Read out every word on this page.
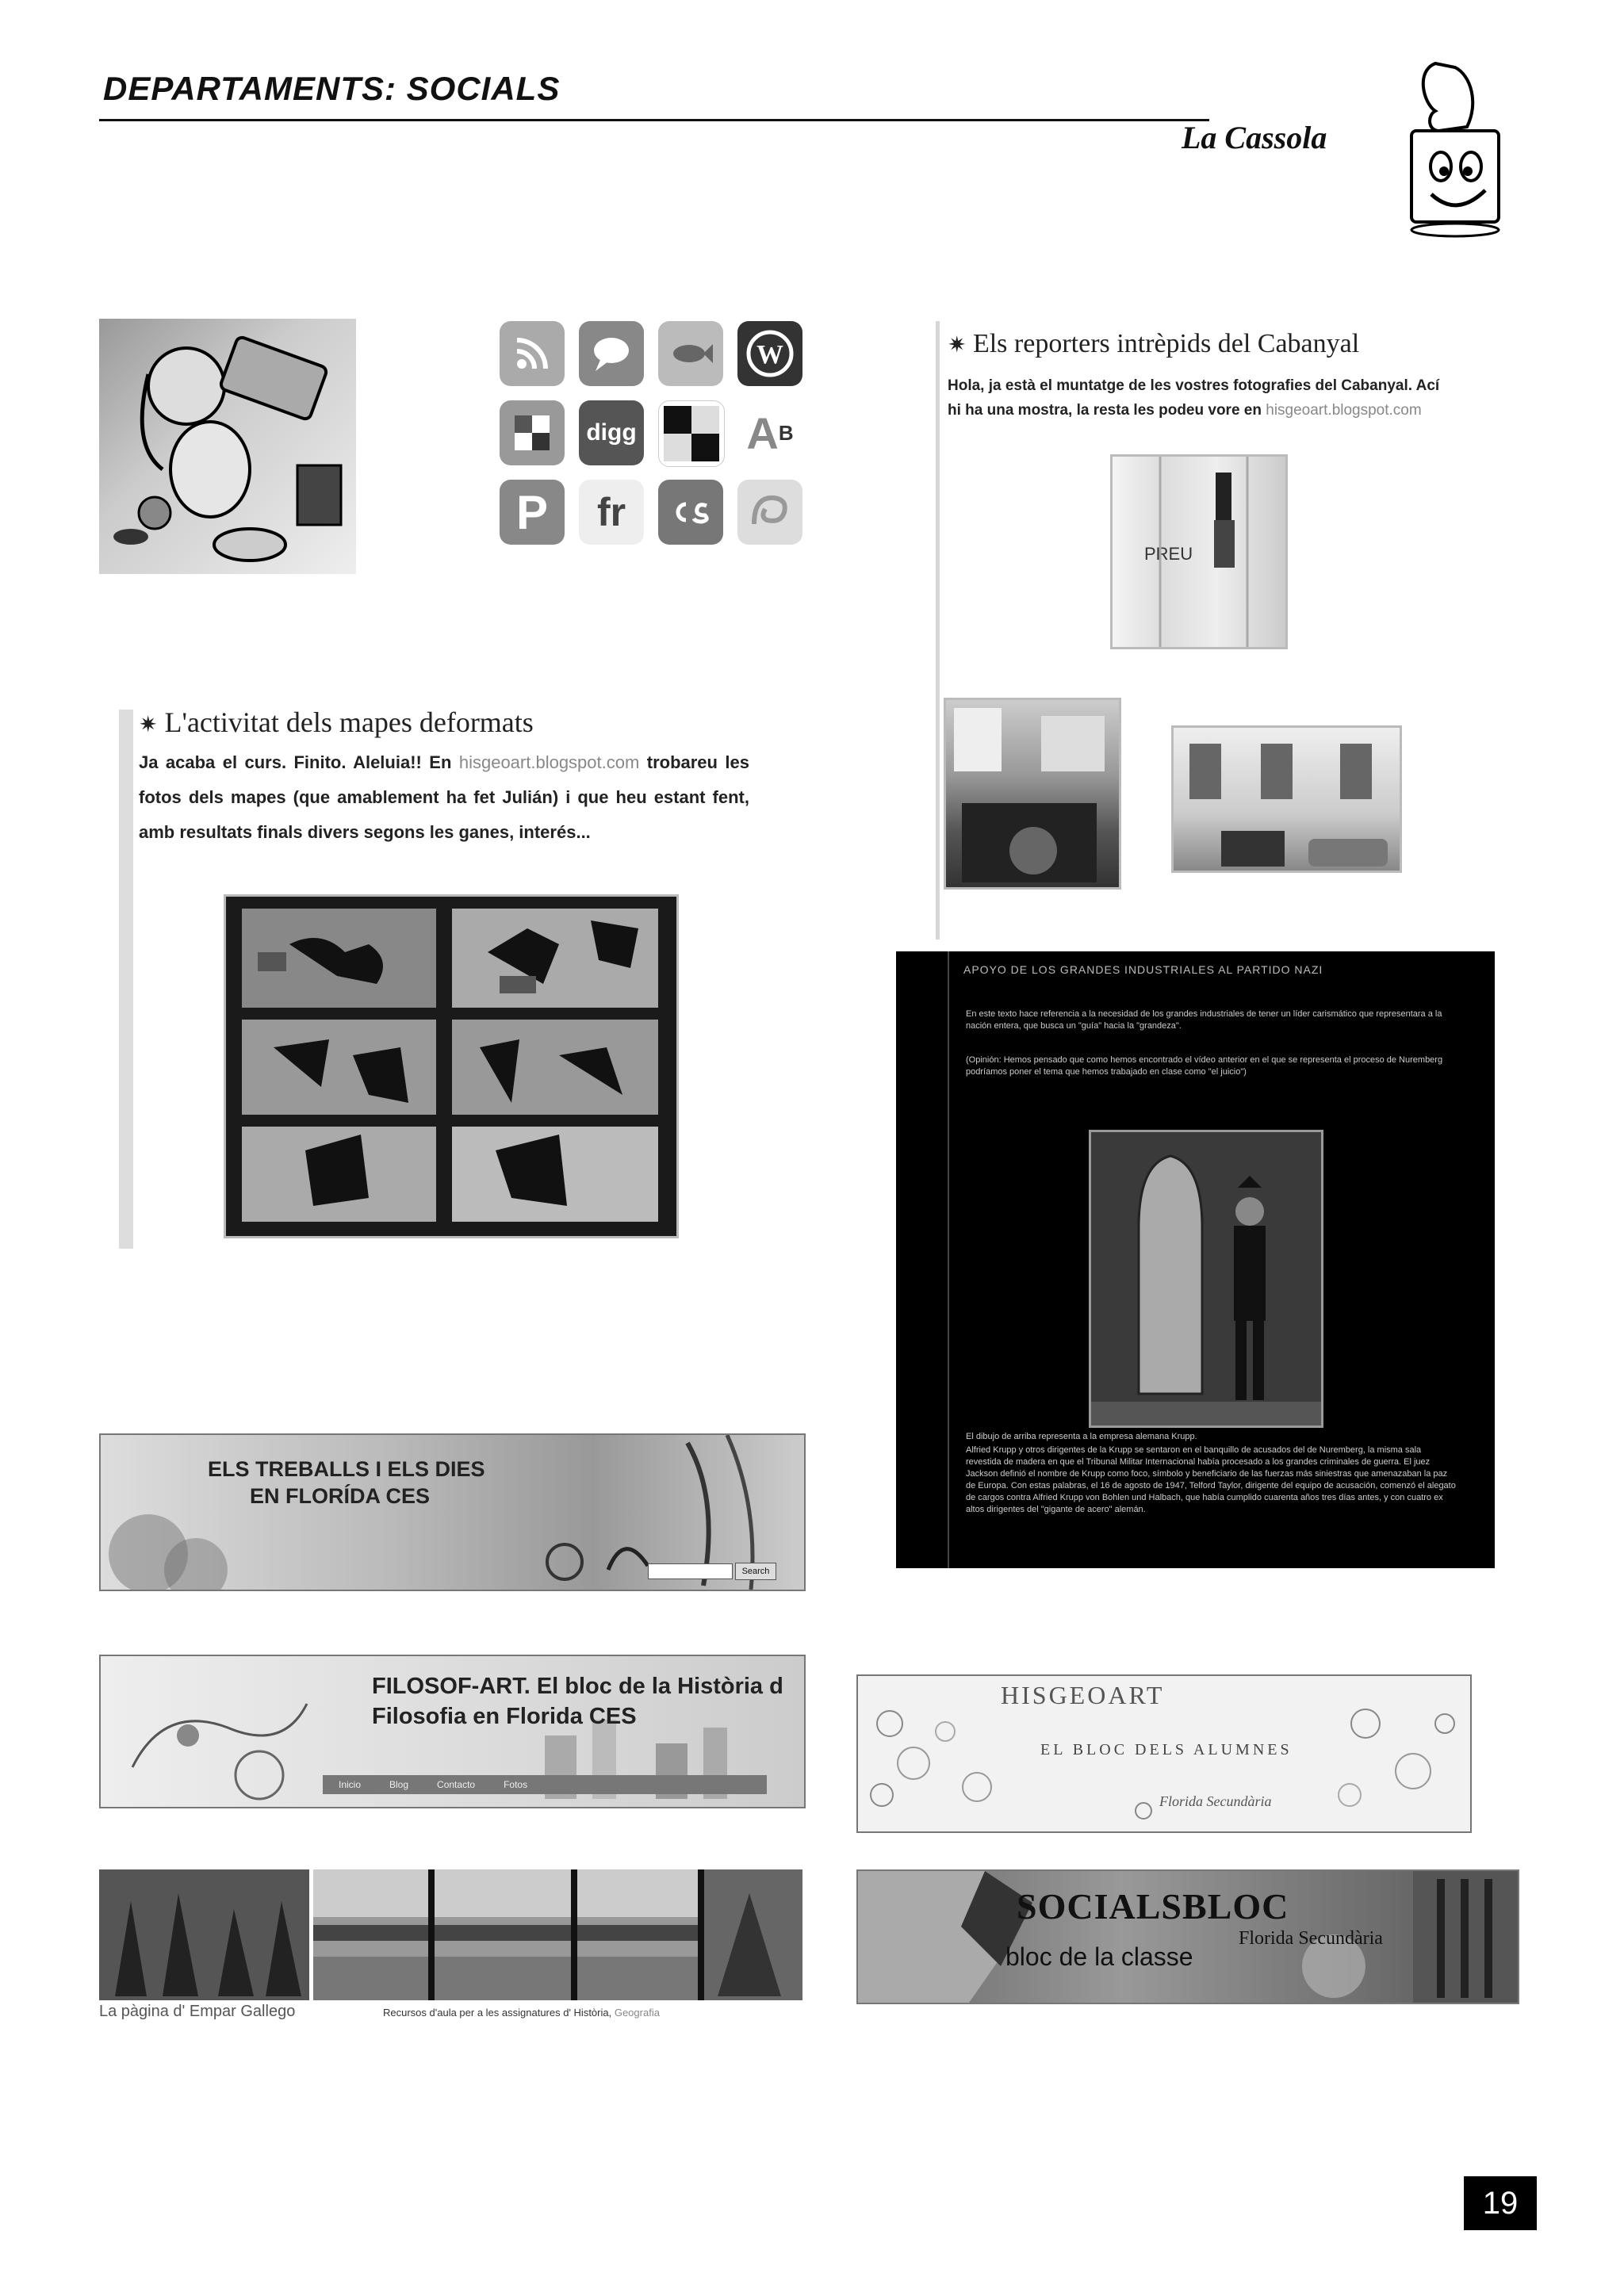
DEPARTAMENTS: SOCIALS
La Cassola
W
digg A B
P fr
✷ Els reporters intrèpids del Cabanyal
Hola, ja està el muntatge de les vostres fotografies del Cabanyal. Ací hi ha una mostra, la resta les podeu vore en hisgeoart.blogspot.com
PREU
✷ L'activitat dels mapes deformats
Ja acaba el curs. Finito. Aleluia!! En hisgeoart.blogspot.com trobareu les fotos dels mapes (que amablement ha fet Julián) i que heu estant fent, amb resultats finals divers segons les ganes, interés...
APOYO DE LOS GRANDES INDUSTRIALES AL PARTIDO NAZI
En este texto hace referencia a la necesidad de los grandes industriales de tener un líder carismático que representara a la nación entera, que busca un "guía" hacia la "grandeza".
(Opinión: Hemos pensado que como hemos encontrado el vídeo anterior en el que se representa el proceso de Nuremberg podríamos poner el tema que hemos trabajado en clase como "el juicio")
El dibujo de arriba representa a la empresa alemana Krupp.
Alfried Krupp y otros dirigentes de la Krupp se sentaron en el banquillo de acusados del de Nuremberg, la misma sala revestida de madera en que el Tribunal Militar Internacional había procesado a los grandes criminales de guerra. El juez Jackson definió el nombre de Krupp como foco, símbolo y beneficiario de las fuerzas más siniestras que amenazaban la paz de Europa. Con estas palabras, el 16 de agosto de 1947, Telford Taylor, dirigente del equipo de acusación, comenzó el alegato de cargos contra Alfried Krupp von Bohlen und Halbach, que había cumplido cuarenta años tres días antes, y con cuatro ex altos dirigentes del "gigante de acero" alemán.
ELS TREBALLS I ELS DIES
EN FLORÍDA CES
Search
FILOSOF-ART. El bloc de la Història d
Filosofia en Florida CES
Inicio	Blog	Contacto	Fotos
HISGEOART
EL BLOC DELS ALUMNES
Florida Secundària
La pàgina d' Empar Gallego	Recursos d'aula per a les assignatures d' Història, Geografia
SOCIALSBLOC
Florida Secundària
bloc de la classe
19
